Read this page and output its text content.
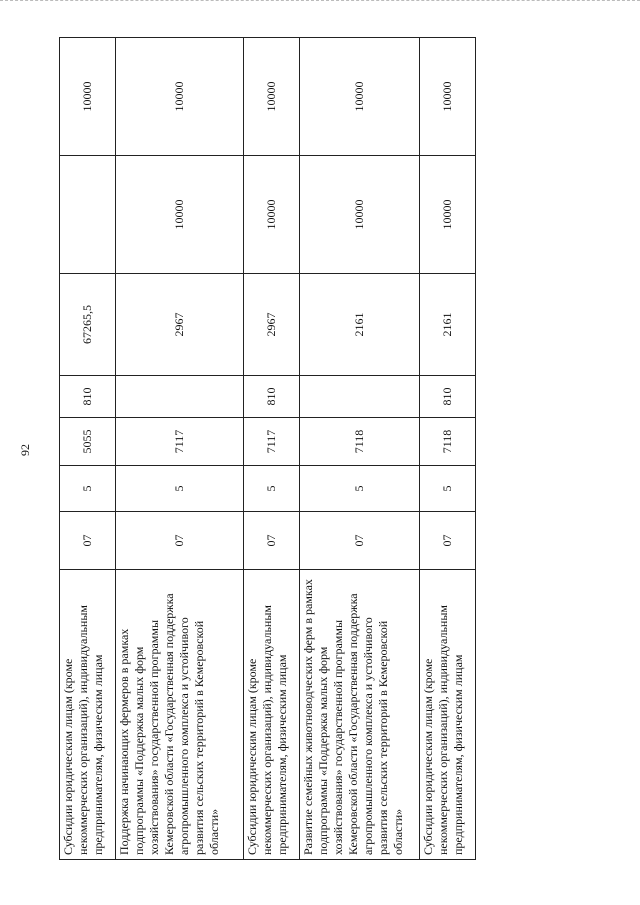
92
Субсидии юридическим лицам (кроме некоммерческих организаций), индивидуальным предпринимателям, физическим лицам	07	5	5055	810	67265,5		10000
Поддержка начинающих фермеров в рамках подпрограммы «Поддержка малых форм хозяйствования» государственной программы Кемеровской области «Государственная поддержка агропромышленного комплекса и устойчивого развития сельских территорий в Кемеровской области»	07	5	7117		2967	10000	10000
Субсидии юридическим лицам (кроме некоммерческих организаций), индивидуальным предпринимателям, физическим лицам	07	5	7117	810	2967	10000	10000
Развитие семейных животноводческих ферм в рамках подпрограммы «Поддержка малых форм хозяйствования» государственной программы Кемеровской области «Государственная поддержка агропромышленного комплекса и устойчивого развития сельских территорий в Кемеровской области»	07	5	7118		2161	10000	10000
Субсидии юридическим лицам (кроме некоммерческих организаций), индивидуальным предпринимателям, физическим лицам	07	5	7118	810	2161	10000	10000
